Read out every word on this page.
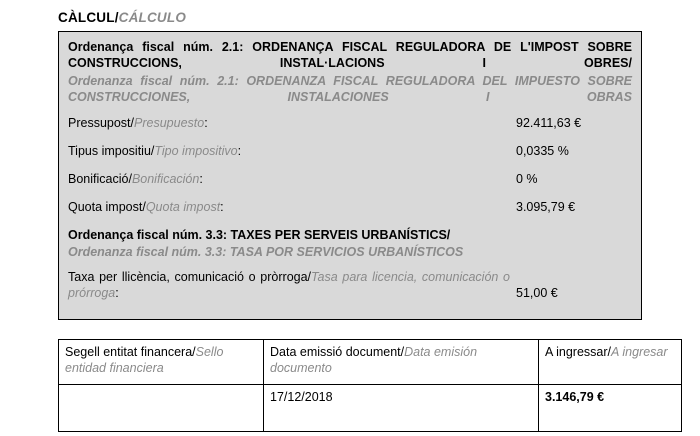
CÀLCUL/CÁLCULO

Ordenança fiscal núm. 2.1: ORDENANÇA FISCAL REGULADORA DE L'IMPOST SOBRE CONSTRUCCIONS, INSTAL·LACIONS I OBRES/

Ordenanza fiscal núm. 2.1: ORDENANZA FISCAL REGULADORA DEL IMPUESTO SOBRE CONSTRUCCIONES, INSTALACIONES I OBRAS

Pressupost/Presupuesto:	92.411,63 €
Tipus impositiu/Tipo impositivo:	0,0335 %
Bonificació/Bonificación:	0 %
Quota impost/Quota impost:	3.095,79 €

Ordenança fiscal núm. 3.3: TAXES PER SERVEIS URBANÍSTICS/

Ordenanza fiscal núm. 3.3: TASA POR SERVICIOS URBANÍSTICOS

Taxa per llicència, comunicació o pròrroga/Tasa para licencia, comunicación o prórroga:	51,00 €
Segell entitat financera/Sello entidad financiera	Data emissió document/Data emisión documento	A ingressar/A ingresar
	17/12/2018	3.146,79 €
